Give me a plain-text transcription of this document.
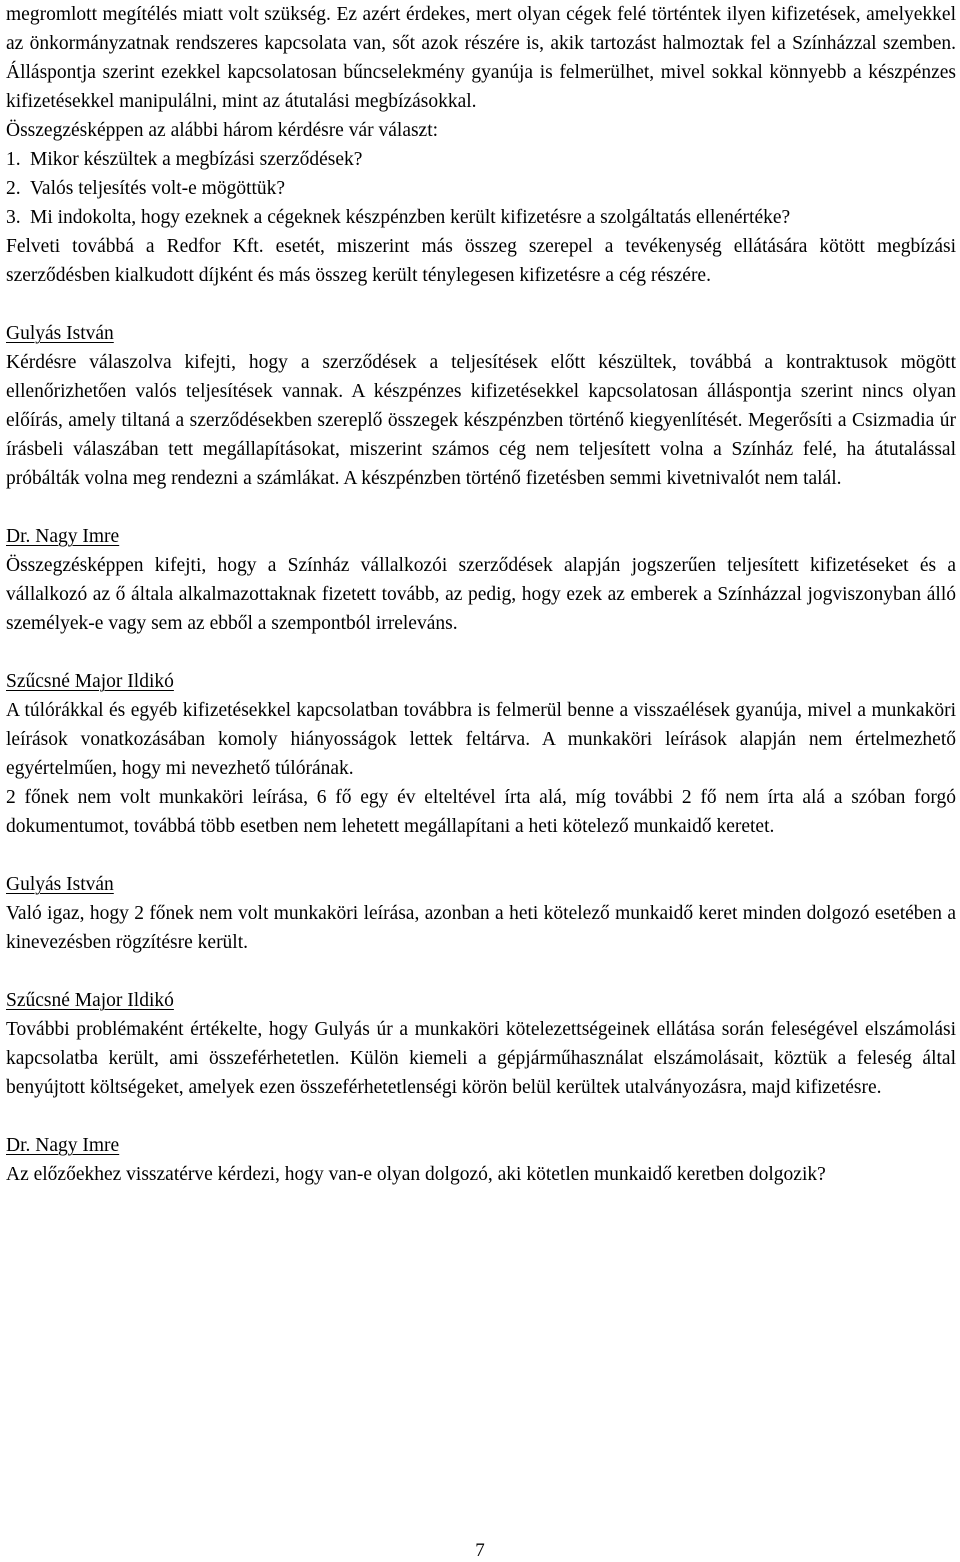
megromlott megítélés miatt volt szükség. Ez azért érdekes, mert olyan cégek felé történtek ilyen kifizetések, amelyekkel az önkormányzatnak rendszeres kapcsolata van, sőt azok részére is, akik tartozást halmoztak fel a Színházzal szemben. Álláspontja szerint ezekkel kapcsolatosan bűncselekmény gyanúja is felmerülhet, mivel sokkal könnyebb a készpénzes kifizetésekkel manipulálni, mint az átutalási megbízásokkal.

Összegzésképpen az alábbi három kérdésre vár választ:

1. Mikor készültek a megbízási szerződések?
2. Valós teljesítés volt-e mögöttük?
3. Mi indokolta, hogy ezeknek a cégeknek készpénzben került kifizetésre a szolgáltatás ellenértéke?

Felveti továbbá a Redfor Kft. esetét, miszerint más összeg szerepel a tevékenység ellátására kötött megbízási szerződésben kialkudott díjként és más összeg került ténylegesen kifizetésre a cég részére.

Gulyás István

Kérdésre válaszolva kifejti, hogy a szerződések a teljesítések előtt készültek, továbbá a kontraktusok mögött ellenőrizhetően valós teljesítések vannak. A készpénzes kifizetésekkel kapcsolatosan álláspontja szerint nincs olyan előírás, amely tiltaná a szerződésekben szereplő összegek készpénzben történő kiegyenlítését. Megerősíti a Csizmadia úr írásbeli válaszában tett megállapításokat, miszerint számos cég nem teljesített volna a Színház felé, ha átutalással próbálták volna meg rendezni a számlákat. A készpénzben történő fizetésben semmi kivetnivalót nem talál.

Dr. Nagy Imre

Összegzésképpen kifejti, hogy a Színház vállalkozói szerződések alapján jogszerűen teljesített kifizetéseket és a vállalkozó az ő általa alkalmazottaknak fizetett tovább, az pedig, hogy ezek az emberek a Színházzal jogviszonyban álló személyek-e vagy sem az ebből a szempontból irreleváns.

Szűcsné Major Ildikó

A túlórákkal és egyéb kifizetésekkel kapcsolatban továbbra is felmerül benne a visszaélések gyanúja, mivel a munkaköri leírások vonatkozásában komoly hiányosságok lettek feltárva. A munkaköri leírások alapján nem értelmezhető egyértelműen, hogy mi nevezhető túlórának.

2 főnek nem volt munkaköri leírása, 6 fő egy év elteltével írta alá, míg további 2 fő nem írta alá a szóban forgó dokumentumot, továbbá több esetben nem lehetett megállapítani a heti kötelező munkaidő keretet.

Gulyás István

Való igaz, hogy 2 főnek nem volt munkaköri leírása, azonban a heti kötelező munkaidő keret minden dolgozó esetében a kinevezésben rögzítésre került.

Szűcsné Major Ildikó

További problémaként értékelte, hogy Gulyás úr a munkaköri kötelezettségeinek ellátása során feleségével elszámolási kapcsolatba került, ami összeférhetetlen. Külön kiemeli a gépjárműhasználat elszámolásait, köztük a feleség által benyújtott költségeket, amelyek ezen összeférhetetlenségi körön belül kerültek utalványozásra, majd kifizetésre.

Dr. Nagy Imre

Az előzőekhez visszatérve kérdezi, hogy van-e olyan dolgozó, aki kötetlen munkaidő keretben dolgozik?

7
